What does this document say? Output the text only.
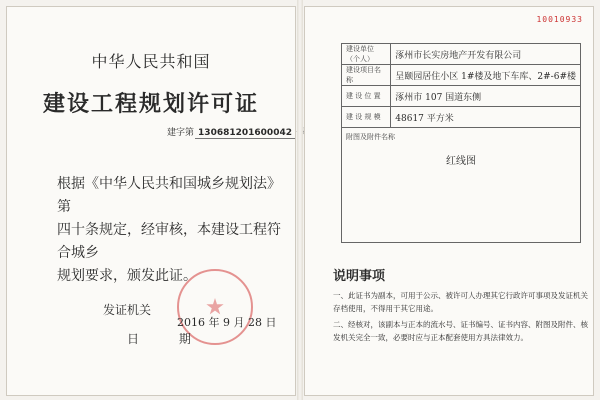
中华人民共和国
建设工程规划许可证
建字第 130681201600042

根据《中华人民共和国城乡规划法》第

四十条规定，经审核，本建设工程符合城乡

规划要求，颁发此证。

发证机关
2016 年 9 月 28 日
日 期
10010933
建设单位（个人）	涿州市长实房地产开发有限公司
建设项目名称	呈颐园居住小区 1#楼及地下车库、2#-6#楼
建 设 位 置	涿州市 107 国道东侧
建 设 规 模	48617 平方米
附图及附件名称
红线图	
说明事项

一、此证书为副本，可用于公示、被许可人办理其它行政许可事项及发证机关存档使用，不得用于其它用途。

二、经核对，该副本与正本的流水号、证书编号、证书内容、附图及附件、核发机关完全一致，必要时应与正本配套使用方具法律效力。
